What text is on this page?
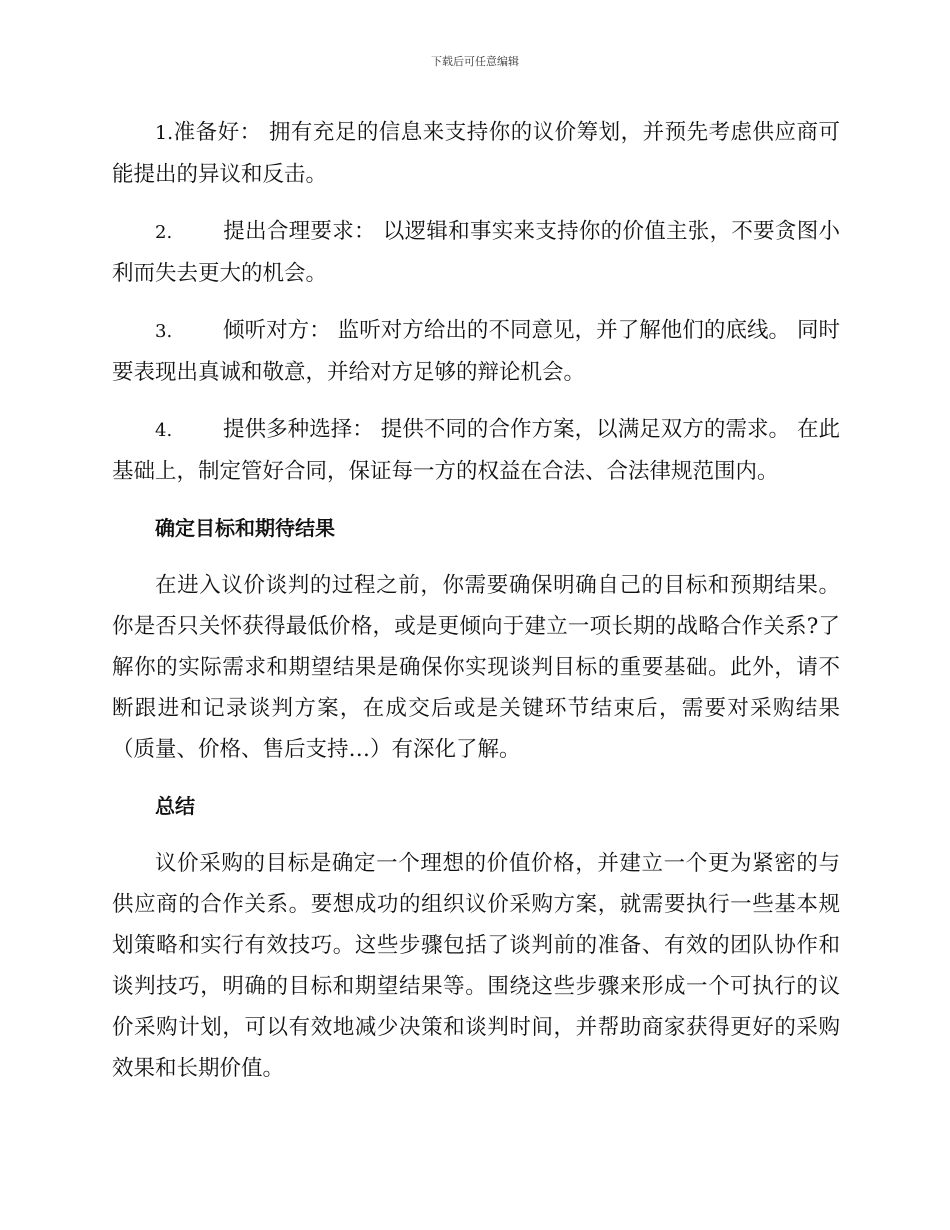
下载后可任意编辑

1.准备好： 拥有充足的信息来支持你的议价筹划，并预先考虑供应商可能提出的异议和反击。

2. 提出合理要求： 以逻辑和事实来支持你的价值主张，不要贪图小利而失去更大的机会。

3. 倾听对方： 监听对方给出的不同意见，并了解他们的底线。 同时要表现出真诚和敬意，并给对方足够的辩论机会。

4. 提供多种选择： 提供不同的合作方案，以满足双方的需求。 在此基础上，制定管好合同，保证每一方的权益在合法、合法律规范围内。

确定目标和期待结果

在进入议价谈判的过程之前，你需要确保明确自己的目标和预期结果。你是否只关怀获得最低价格，或是更倾向于建立一项长期的战略合作关系?了解你的实际需求和期望结果是确保你实现谈判目标的重要基础。此外，请不断跟进和记录谈判方案，在成交后或是关键环节结束后，需要对采购结果（质量、价格、售后支持…）有深化了解。

总结

议价采购的目标是确定一个理想的价值价格，并建立一个更为紧密的与供应商的合作关系。要想成功的组织议价采购方案，就需要执行一些基本规划策略和实行有效技巧。这些步骤包括了谈判前的准备、有效的团队协作和谈判技巧，明确的目标和期望结果等。围绕这些步骤来形成一个可执行的议价采购计划，可以有效地减少决策和谈判时间，并帮助商家获得更好的采购效果和长期价值。
